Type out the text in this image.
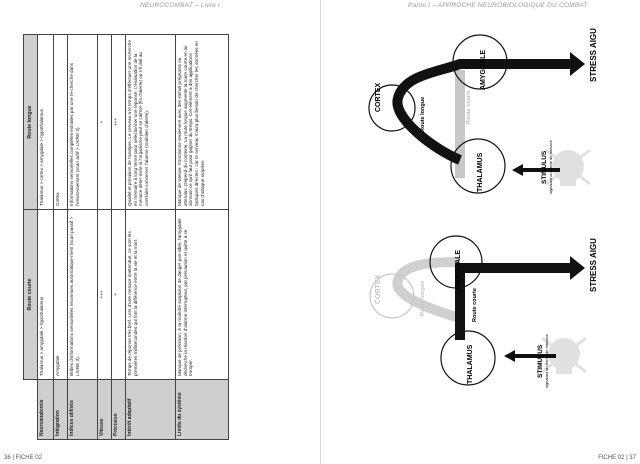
NEUROCOMBAT – Livre I	Partie I – APPROCHE NEUROBIOLOGIQUE DU COMBAT
36 | FICHE 02	FICHE 02 | 37
	Route courte	Route longue
Neuroanatomie	Thalamus > amygdale > hypothalamus	Thalamus > cortex > amygdale > hypothalamus
Intégration	Amygdale	Cortex
Indices utilisés	Bribes d’informations sensorielles reconnues automatique-ment (scan passif > LIVRE 3).	Informations sensorielles complètes extraites par une re-cherche dans l’environnement (scan actif > LIVRE 3).
Vitesse	+++	+
Précision	+	+++
Intérêt adaptatif	Temps de réponse très bref. Lors d’une menace inattendue, ce sont les premières millisecondes qui font la différence entre la vie et la mort.	Qualité et précision de l’analyse. Le cerveau a le temps d’effectuer une recherche en mémoire à long terme pour sélectionner une réponse. L’évaluation de la menace déter-mine si l’organisme peut se calmer (fin d’alerte) ou s’il doit au contraire conserver l’alarme (maintien d’alerte).
Limite du système	Manque de précision. À la moindre suspicion de danger pos-sible, l’amygdale déclenche la réaction d’alarme interrupteur, par précaution et quitte à se tromper.	Manque de vitesse. Fonctionne seulement avec des stimuli prégnants ou attendus. Dépend du contexte. La route longue augmente la route courte en lui donnant ce qu’il faut pour gagner du temps. Cet élément a des applications tactiques directes : car le cerveau n’aura plus besoin de chercher les données en cas d’attaque surprise.
CORTEX
AMYGDALE
THALAMUS
Route longue	Route courte
STIMULUS signalant un terme de menace
STRESS AIGU
CORTEX	AMYGDALE
THALAMUS
Route longue	Route courte
STIMULUS signalant un terme de menace
STRESS AIGU
